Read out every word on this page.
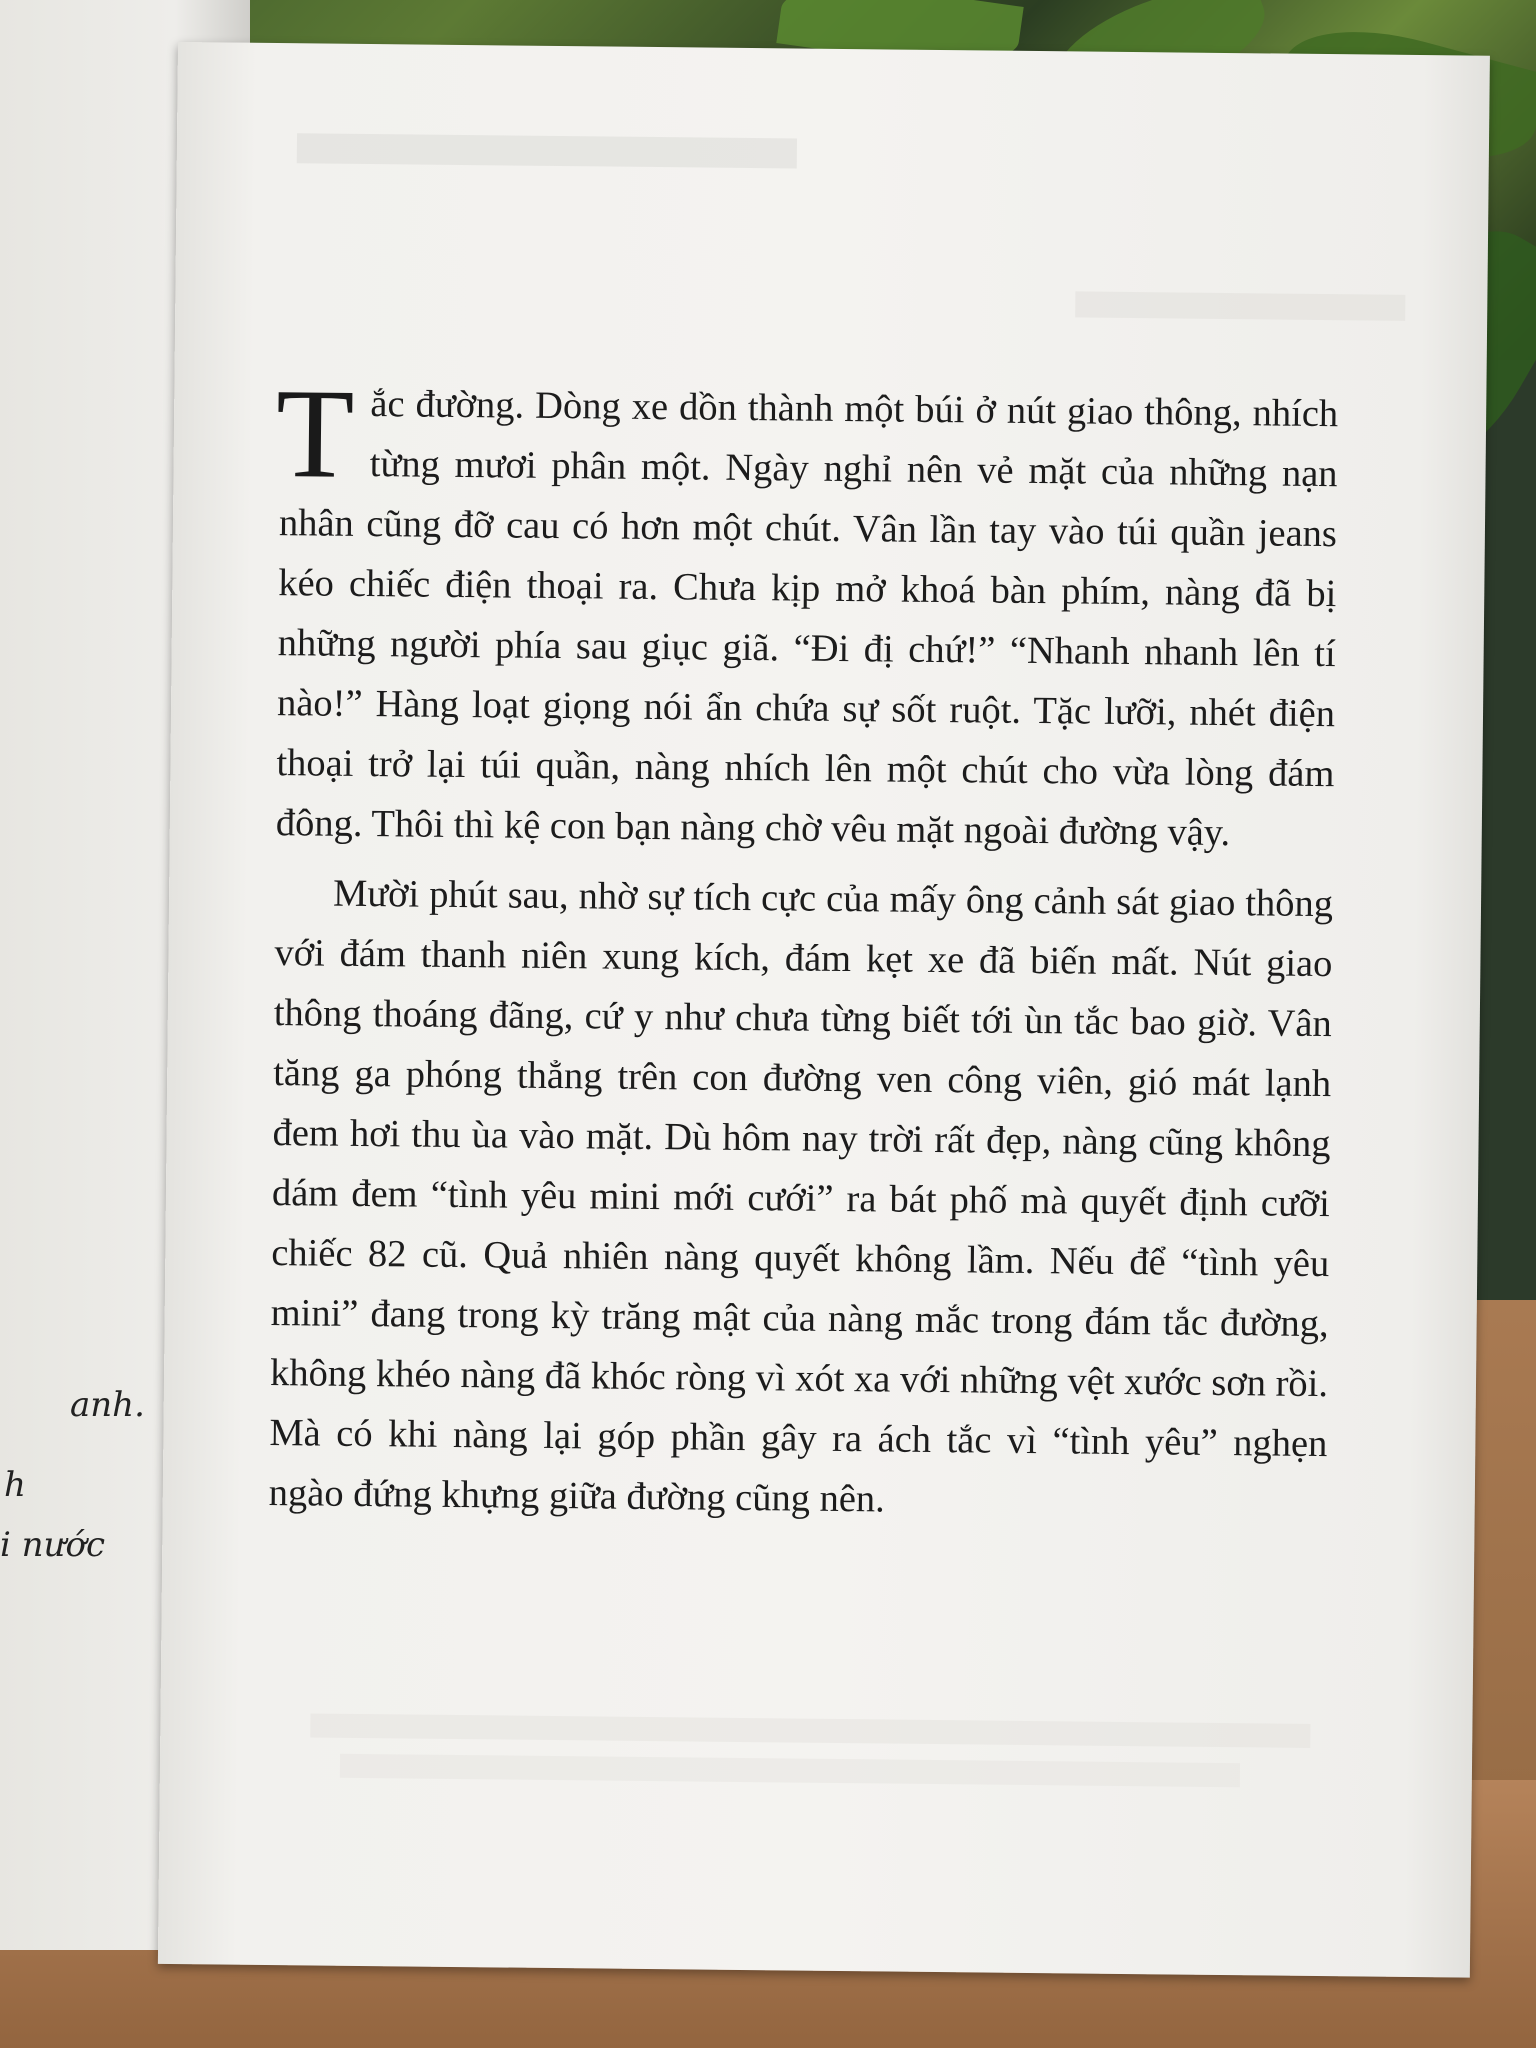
anh.
h
i nước

Tắc đường. Dòng xe dồn thành một búi ở nút giao thông, nhích từng mươi phân một. Ngày nghỉ nên vẻ mặt của những nạn nhân cũng đỡ cau có hơn một chút. Vân lần tay vào túi quần jeans kéo chiếc điện thoại ra. Chưa kịp mở khoá bàn phím, nàng đã bị những người phía sau giục giã. “Đi đị chứ!” “Nhanh nhanh lên tí nào!” Hàng loạt giọng nói ẩn chứa sự sốt ruột. Tặc lưỡi, nhét điện thoại trở lại túi quần, nàng nhích lên một chút cho vừa lòng đám đông. Thôi thì kệ con bạn nàng chờ vêu mặt ngoài đường vậy.

Mười phút sau, nhờ sự tích cực của mấy ông cảnh sát giao thông với đám thanh niên xung kích, đám kẹt xe đã biến mất. Nút giao thông thoáng đãng, cứ y như chưa từng biết tới ùn tắc bao giờ. Vân tăng ga phóng thẳng trên con đường ven công viên, gió mát lạnh đem hơi thu ùa vào mặt. Dù hôm nay trời rất đẹp, nàng cũng không dám đem “tình yêu mini mới cưới” ra bát phố mà quyết định cưỡi chiếc 82 cũ. Quả nhiên nàng quyết không lầm. Nếu để “tình yêu mini” đang trong kỳ trăng mật của nàng mắc trong đám tắc đường, không khéo nàng đã khóc ròng vì xót xa với những vệt xước sơn rồi. Mà có khi nàng lại góp phần gây ra ách tắc vì “tình yêu” nghẹn ngào đứng khựng giữa đường cũng nên.
